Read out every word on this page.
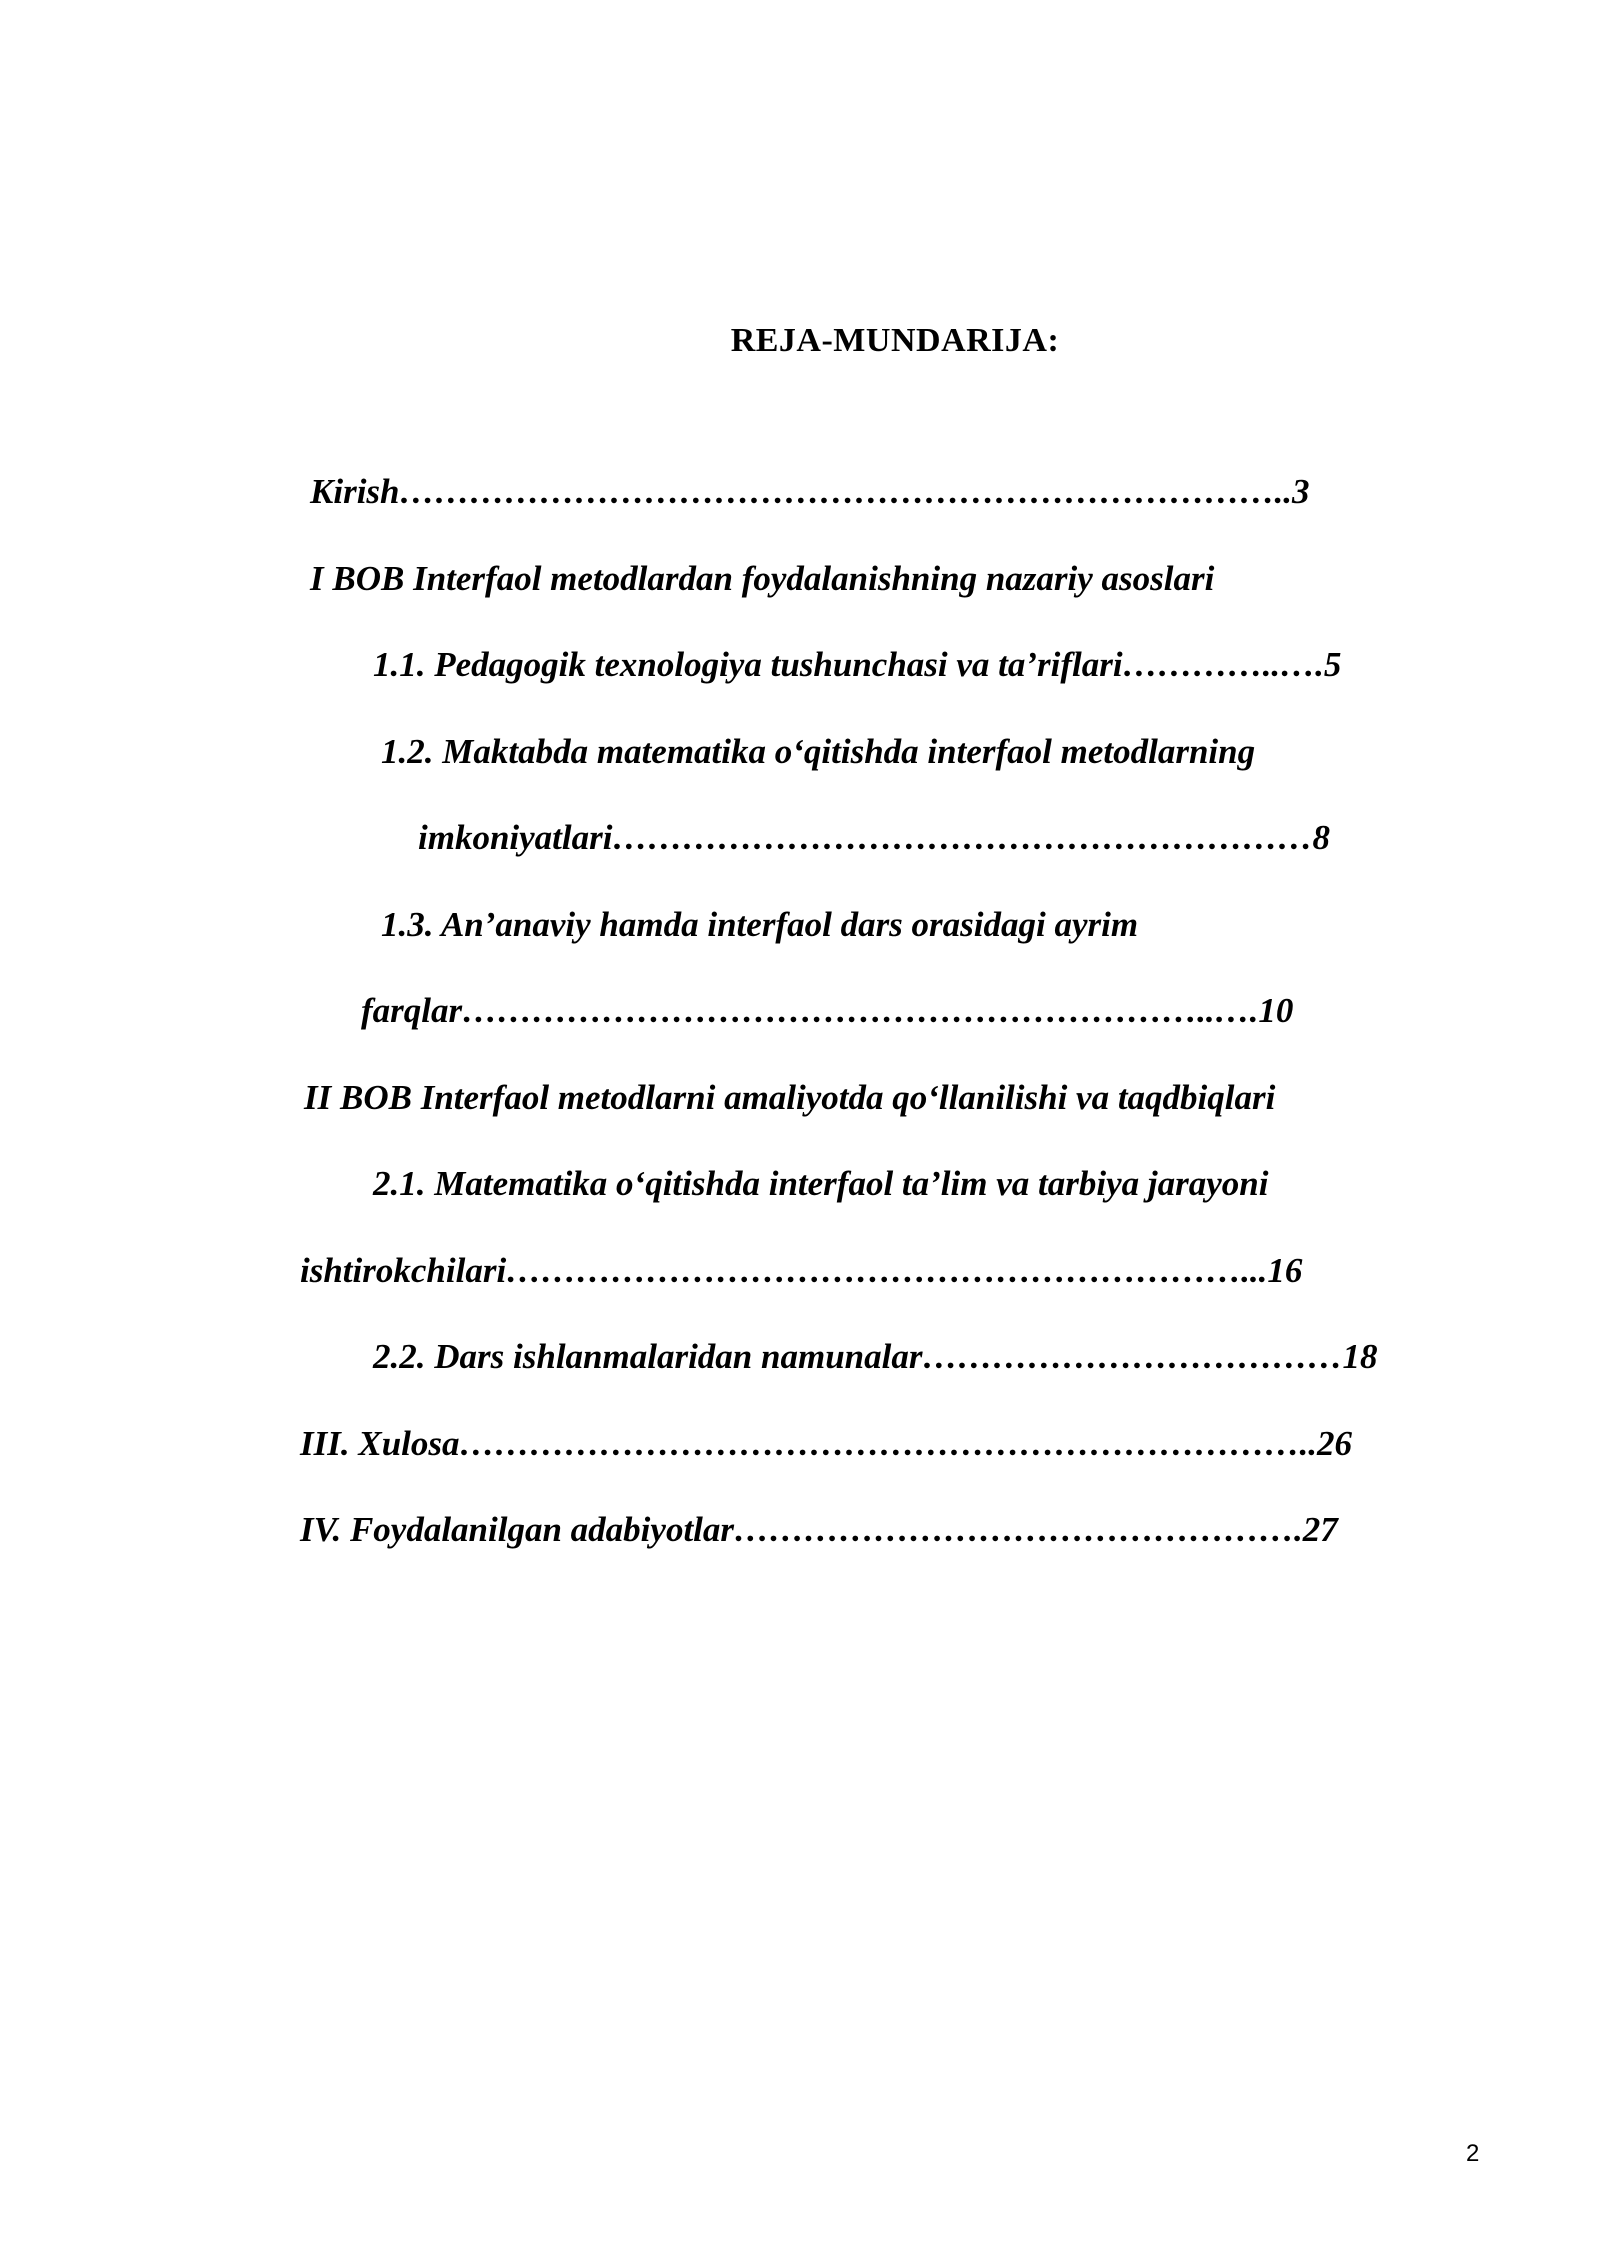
REJA-MUNDARIJA:
Kirish…………………………………………………………………..3
I BOB Interfaol metodlardan foydalanishning nazariy asoslari
1.1. Pedagogik texnologiya tushunchasi va ta’riflari…………..….5
1.2. Maktabda matematika o‘qitishda interfaol metodlarning
imkoniyatlari……………………………………………………8
1.3. An’anaviy hamda interfaol dars orasidagi ayrim
farqlar………………………………………………………..….10
II BOB Interfaol metodlarni amaliyotda qo‘llanilishi va taqdbiqlari
2.1. Matematika o‘qitishda interfaol ta’lim va tarbiya jarayoni
ishtirokchilari………………………………………………………...16
2.2. Dars ishlanmalaridan namunalar………………………………18
III. Xulosa………………………………………………………………..26
IV. Foydalanilgan adabiyotlar………………………………………….27
2
